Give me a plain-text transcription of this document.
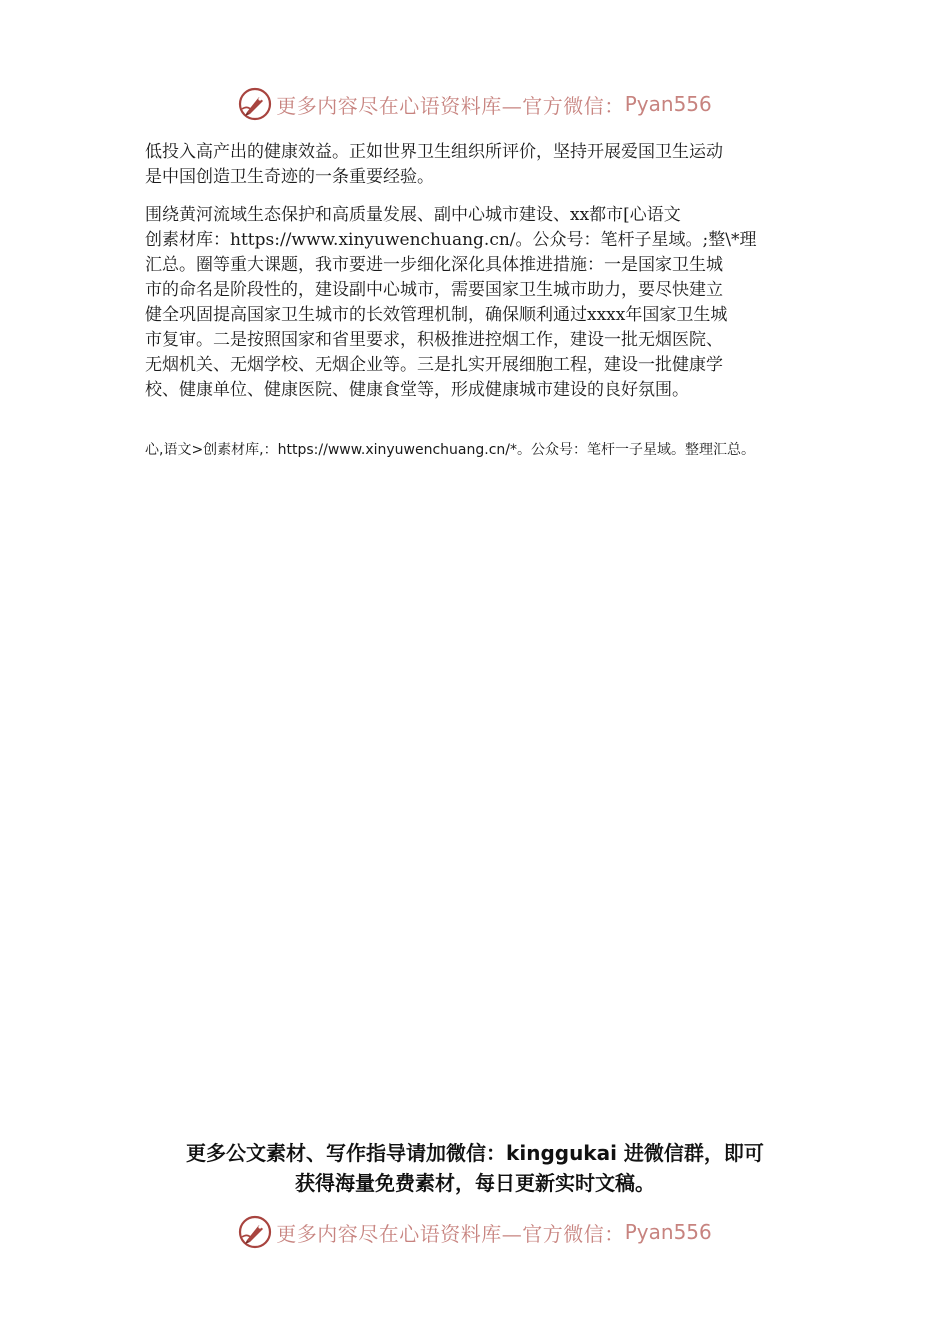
更多内容尽在心语资料库—官方微信： Pyan556

低投入高产出的健康效益。正如世界卫生组织所评价，坚持开展爱国卫生运动
是中国创造卫生奇迹的一条重要经验。

围绕黄河流域生态保护和高质量发展、副中心城市建设、xx都市[心语文
创素材库：https://www.xinyuwenchuang.cn/。公众号：笔杆子星域。;整\*理
汇总。圈等重大课题，我市要进一步细化深化具体推进措施：一是国家卫生城
市的命名是阶段性的，建设副中心城市，需要国家卫生城市助力，要尽快建立
健全巩固提高国家卫生城市的长效管理机制，确保顺利通过xxxx年国家卫生城
市复审。二是按照国家和省里要求，积极推进控烟工作，建设一批无烟医院、
无烟机关、无烟学校、无烟企业等。三是扎实开展细胞工程，建设一批健康学
校、健康单位、健康医院、健康食堂等，形成健康城市建设的良好氛围。

心,语文>创素材库,：https://www.xinyuwenchuang.cn/*。公众号：笔杆一子星域。整理汇总。
更多公文素材、写作指导请加微信：kinggukai 进微信群，即可
获得海量免费素材，每日更新实时文稿。
更多内容尽在心语资料库—官方微信： Pyan556
